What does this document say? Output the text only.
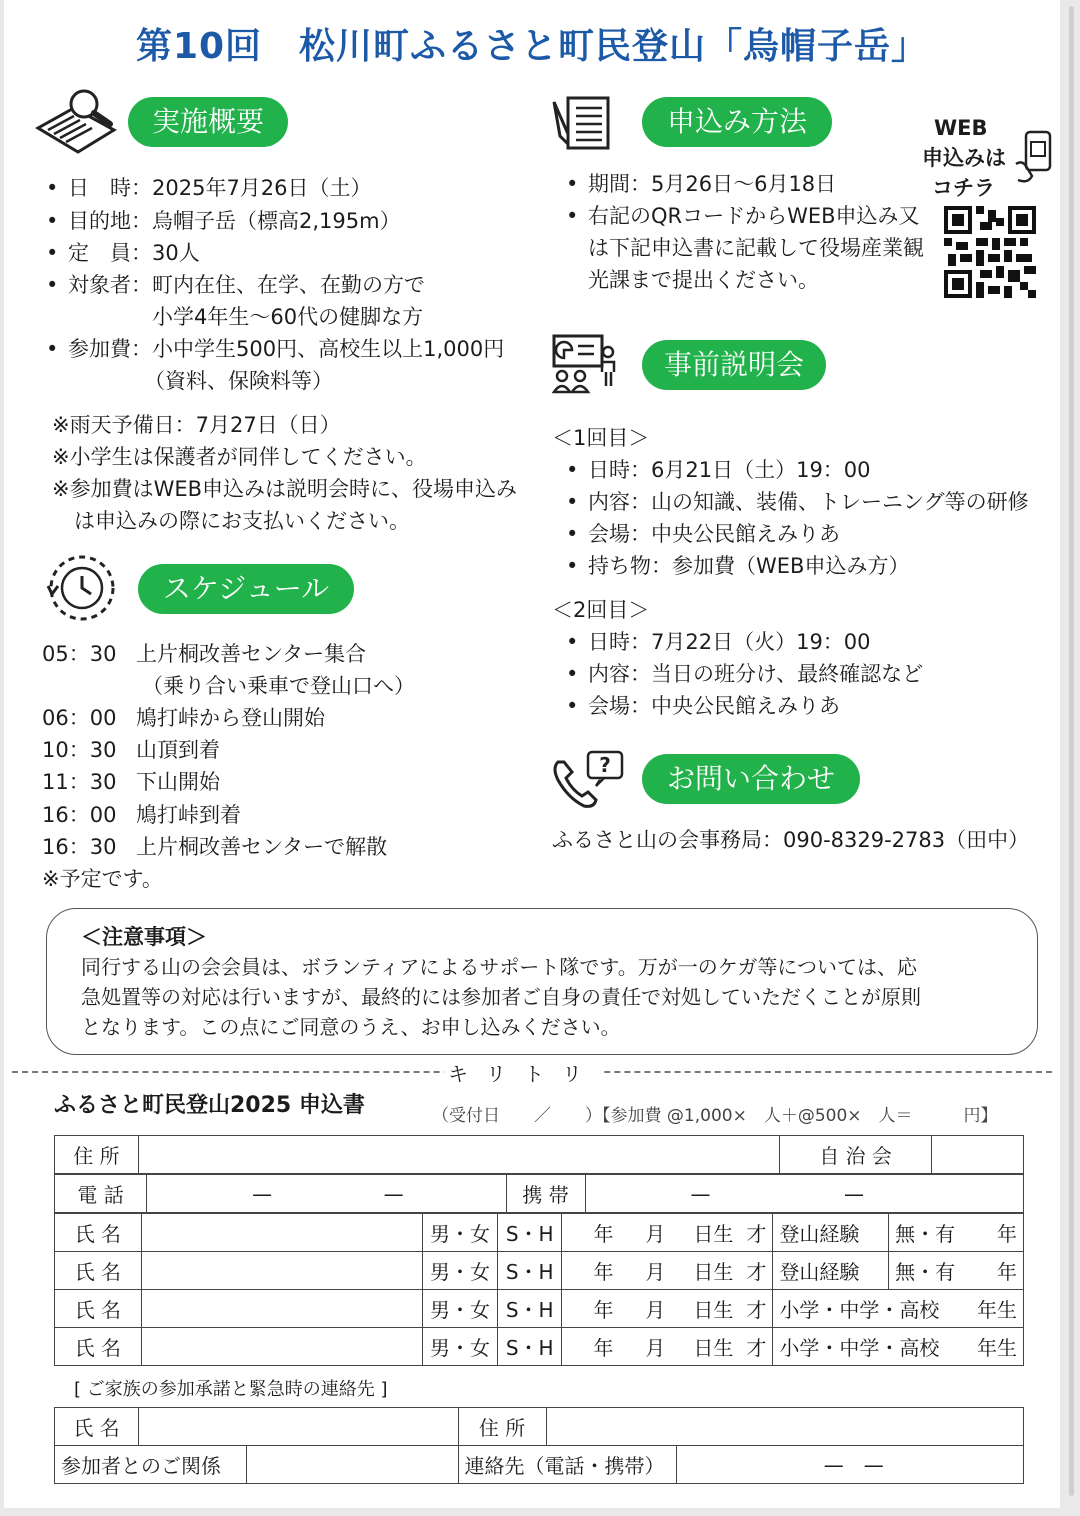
第10回　松川町ふるさと町民登山「烏帽子岳」
実施概要
• 日　時：2025年7月26日（土）
• 目的地：烏帽子岳（標高2,195m）
• 定　員：30人
• 対象者：町内在住、在学、在勤の方で
小学4年生〜60代の健脚な方
• 参加費：小中学生500円、高校生以上1,000円
（資料、保険料等）
※雨天予備日：7月27日（日）
※小学生は保護者が同伴してください。
※参加費はWEB申込みは説明会時に、役場申込み
は申込みの際にお支払いください。
スケジュール
05：30 上片桐改善センター集合
（乗り合い乗車で登山口へ）
06：00 鳩打峠から登山開始
10：30 山頂到着
11：30 下山開始
16：00 鳩打峠到着
16：30 上片桐改善センターで解散
※予定です。
申込み方法	WEB
申込みは
コチラ
• 期間：5月26日〜6月18日
• 右記のQRコードからWEB申込み又
は下記申込書に記載して役場産業観
光課まで提出ください。
事前説明会
＜1回目＞
• 日時：6月21日（土）19：00
• 内容：山の知識、装備、トレーニング等の研修
• 会場：中央公民館えみりあ
• 持ち物：参加費（WEB申込み方）
＜2回目＞
• 日時：7月22日（火）19：00
• 内容：当日の班分け、最終確認など
• 会場：中央公民館えみりあ
?	お問い合わせ
ふるさと山の会事務局：090-8329-2783（田中）
＜注意事項＞
同行する山の会会員は、ボランティアによるサポート隊です。万が一のケガ等については、応
急処置等の対応は行いますが、最終的には参加者ご自身の責任で対処していただくことが原則
となります。この点にご同意のうえ、お申し込みください。
キリトリ
ふるさと町民登山2025 申込書	（受付日　　／　　）【参加費 @1,000×　人＋@500×　人＝　　　円】
住 所		自 治 会	
電 話	—	—		携 帯	—	—	
氏 名		男・女	S・H	年	月	日生	才	登山経験	無・有	年
氏 名		男・女	S・H	年	月	日生	才	登山経験	無・有	年
氏 名		男・女	S・H	年	月	日生	才	小学・中学・高校		年生
氏 名		男・女	S・H	年	月	日生	才	小学・中学・高校		年生
[ ご家族の参加承諾と緊急時の連絡先 ]
氏 名			住 所			
参加者とのご関係			連絡先（電話・携帯）		—	—
